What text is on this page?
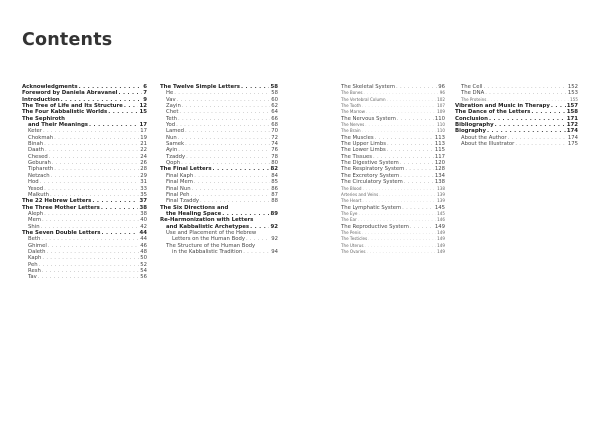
Contents
Acknowledgments . . .	6
Foreword by Daniela Abravanel . . .	7
Introduction . . .	9
The Tree of Life and Its Structure . . .	12
The Four Kabbalistic Worlds . . .	15
The Sephiroth
and Their Meanings . . .	17
Keter . . .	17
Chokmah . . .	19
Binah . . .	21
Daath . . .	22
Chesed . . .	24
Geburah . . .	26
Tiphareth . . .	28
Netzach . . .	29
Hod . . .	31
Yesod . . .	33
Malkuth . . .	35
The 22 Hebrew Letters . . .	37
The Three Mother Letters . . .	38
Aleph . . .	38
Mem . . .	40
Shin . . .	42
The Seven Double Letters . . .	44
Beth . . .	44
Ghimel . . .	46
Daleth . . .	48
Kaph . . .	50
Peh . . .	52
Resh . . .	54
Tav . . .	56
The Twelve Simple Letters . . .	58
He . . .	58
Vav . . .	60
Zayin . . .	62
Chet . . .	64
Teth . . .	66
Yod . . .	68
Lamed . . .	70
Nun . . .	72
Samek . . .	74
Ayin . . .	76
Tzaddy . . .	78
Qoph . . .	80
The Final Letters . . .	82
Final Kaph . . .	84
Final Mem . . .	85
Final Nun . . .	86
Final Peh . . .	87
Final Tzaddy . . .	88
The Six Directions and
the Healing Space . . .	89
Re-Harmonization with Letters
and Kabbalistic Archetypes . . .	92
Use and Placement of the Hebrew
Letters on the Human Body . . .	92
The Structure of the Human Body
in the Kabbalistic Tradition . . .	94
The Skeletal System . . .	96
The Bones . . .	96
The Vertebral Column . . .	102
The Tooth . . .	107
The Marrow . . .	109
The Nervous System . . .	110
The Nerves . . .	110
The Brain . . .	110
The Muscles . . .	113
The Upper Limbs . . .	113
The Lower Limbs . . .	115
The Tissues . . .	117
The Digestive System . . .	120
The Respiratory System . . .	128
The Excretory System . . .	134
The Circulatory System . . .	138
The Blood . . .	138
Arteries and Veins . . .	139
The Heart . . .	139
The Lymphatic System . . .	145
The Eye . . .	145
The Ear . . .	146
The Reproductive System . . .	149
The Penis . . .	149
The Testicles . . .	149
The Uterus . . .	149
The Ovaries . . .	149
The Cell . . .	152
The DNA . . .	153
The Proteins . . .	155
Vibration and Music in Therapy . . .	157
The Dance of the Letters . . .	158
Conclusion . . .	171
Bibliography . . .	172
Biography . . .	174
About the Author . . .	174
About the Illustrator . . .	175
